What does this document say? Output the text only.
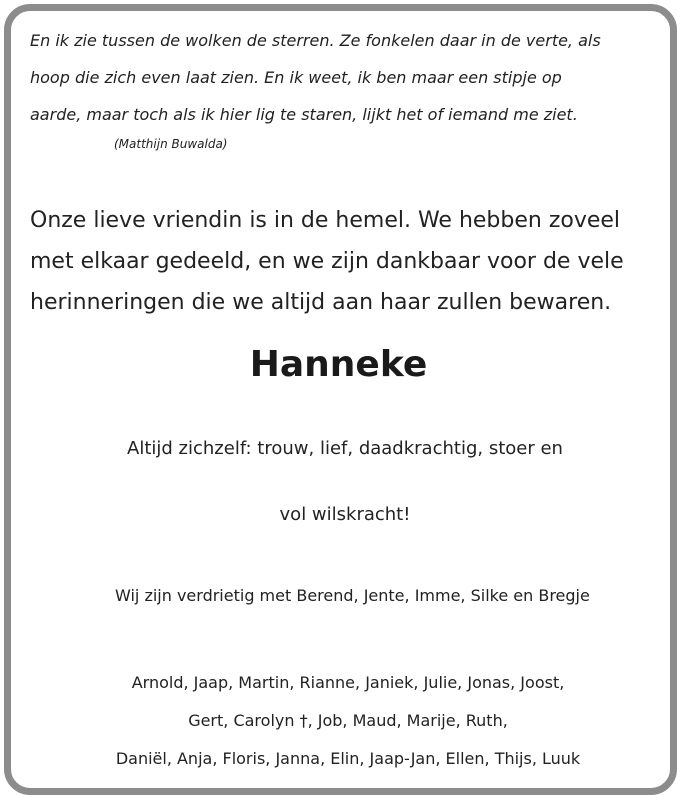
En ik zie tussen de wolken de sterren. Ze fonkelen daar in de verte, als
hoop die zich even laat zien. En ik weet, ik ben maar een stipje op
aarde, maar toch als ik hier lig te staren, lijkt het of iemand me ziet.
(Matthijn Buwalda)
Onze lieve vriendin is in de hemel. We hebben zoveel
met elkaar gedeeld, en we zijn dankbaar voor de vele
herinneringen die we altijd aan haar zullen bewaren.
Hanneke
Altijd zichzelf: trouw, lief, daadkrachtig, stoer en
vol wilskracht!
Wij zijn verdrietig met Berend, Jente, Imme, Silke en Bregje
Arnold, Jaap, Martin, Rianne, Janiek, Julie, Jonas, Joost,
Gert, Carolyn †, Job, Maud, Marije, Ruth,
Daniël, Anja, Floris, Janna, Elin, Jaap-Jan, Ellen, Thijs, Luuk
